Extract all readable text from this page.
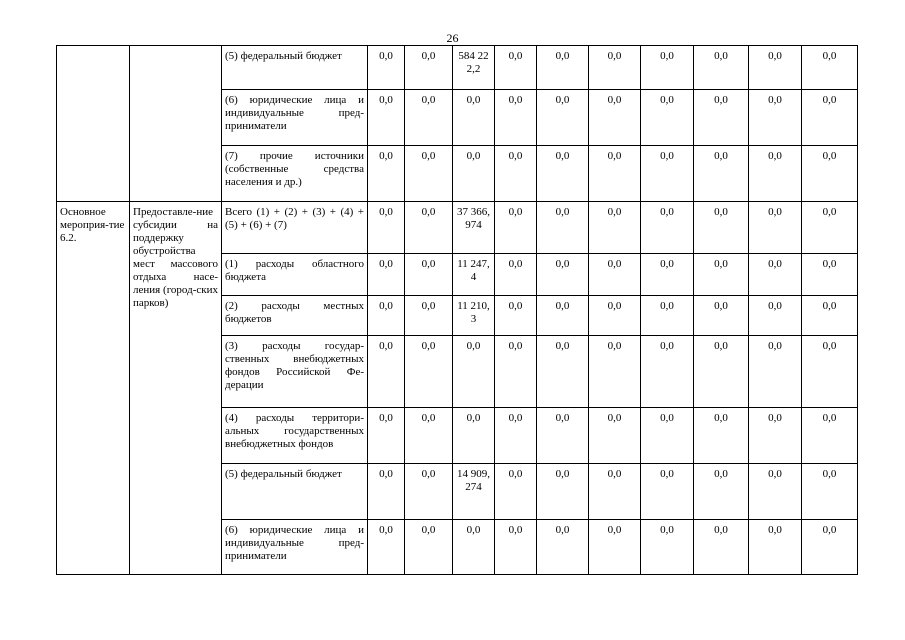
26
		(5) федеральный бюджет	0,0	0,0	584 222,2	0,0	0,0	0,0	0,0	0,0	0,0	0,0
		(6) юридические лица и индивидуальные пред-приниматели	0,0	0,0	0,0	0,0	0,0	0,0	0,0	0,0	0,0	0,0
		(7) прочие источники (собственные средства населения и др.)	0,0	0,0	0,0	0,0	0,0	0,0	0,0	0,0	0,0	0,0
Основное мероприя-тие 6.2.	Предоставле-ние субсидии на поддержку обустройства мест массового отдыха насе-ления (город-ских парков)	Всего (1) + (2) + (3) + (4) + (5) + (6) + (7)	0,0	0,0	37 366,974	0,0	0,0	0,0	0,0	0,0	0,0	0,0
		(1) расходы областного бюджета	0,0	0,0	11 247,4	0,0	0,0	0,0	0,0	0,0	0,0	0,0
		(2) расходы местных бюджетов	0,0	0,0	11 210,3	0,0	0,0	0,0	0,0	0,0	0,0	0,0
		(3) расходы государ-ственных внебюджетных фондов Российской Фе-дерации	0,0	0,0	0,0	0,0	0,0	0,0	0,0	0,0	0,0	0,0
		(4) расходы территори-альных государственных внебюджетных фондов	0,0	0,0	0,0	0,0	0,0	0,0	0,0	0,0	0,0	0,0
		(5) федеральный бюджет	0,0	0,0	14 909,274	0,0	0,0	0,0	0,0	0,0	0,0	0,0
		(6) юридические лица и индивидуальные пред-приниматели	0,0	0,0	0,0	0,0	0,0	0,0	0,0	0,0	0,0	0,0
